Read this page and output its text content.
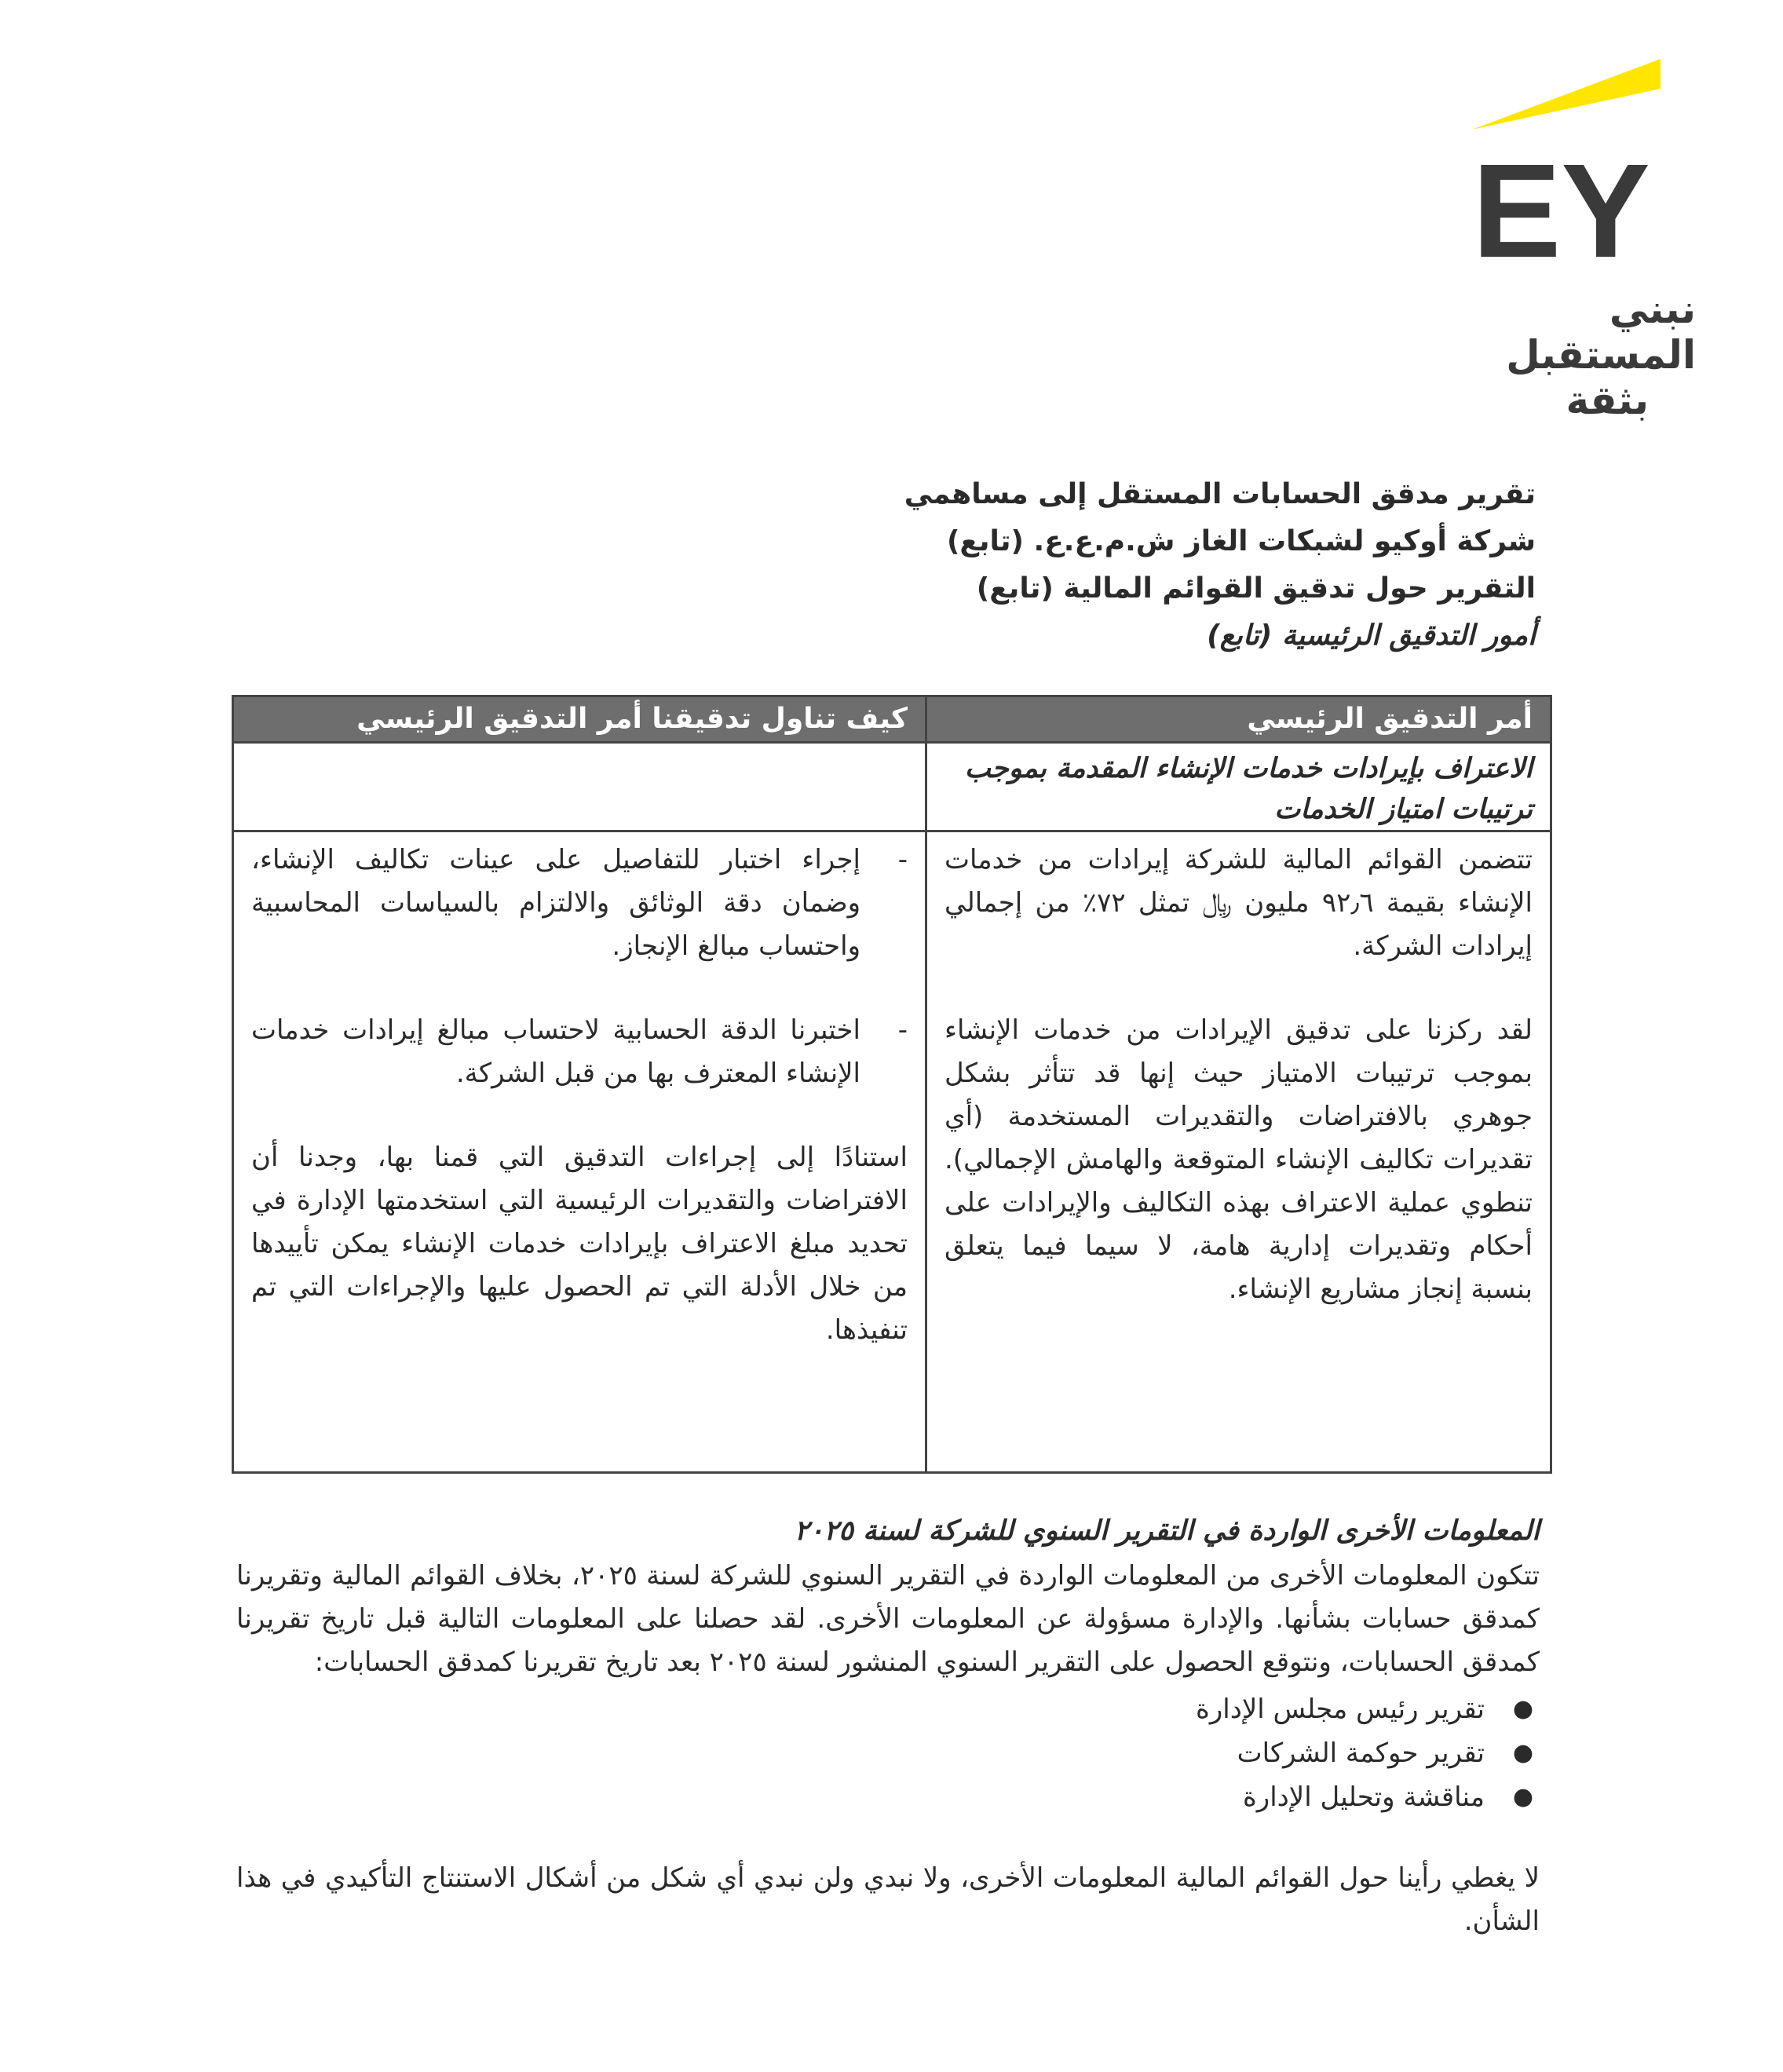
EY
نبني المستقبل
بثقة
تقرير مدقق الحسابات المستقل إلى مساهمي
شركة أوكيو لشبكات الغاز ش.م.ع.ع. (تابع)
التقرير حول تدقيق القوائم المالية (تابع)
أمور التدقيق الرئيسية (تابع)
أمر التدقيق الرئيسي
كيف تناول تدقيقنا أمر التدقيق الرئيسي
الاعتراف بإيرادات خدمات الإنشاء المقدمة بموجب ترتيبات امتياز الخدمات

تتضمن القوائم المالية للشركة إيرادات من خدمات الإنشاء بقيمة ٩٢٫٦ مليون ﷼ تمثل ٧٢٪ من إجمالي إيرادات الشركة.

لقد ركزنا على تدقيق الإيرادات من خدمات الإنشاء بموجب ترتيبات الامتياز حيث إنها قد تتأثر بشكل جوهري بالافتراضات والتقديرات المستخدمة (أي تقديرات تكاليف الإنشاء المتوقعة والهامش الإجمالي). تنطوي عملية الاعتراف بهذه التكاليف والإيرادات على أحكام وتقديرات إدارية هامة، لا سيما فيما يتعلق بنسبة إنجاز مشاريع الإنشاء.

-
إجراء اختبار للتفاصيل على عينات تكاليف الإنشاء، وضمان دقة الوثائق والالتزام بالسياسات المحاسبية واحتساب مبالغ الإنجاز.
-
اختبرنا الدقة الحسابية لاحتساب مبالغ إيرادات خدمات الإنشاء المعترف بها من قبل الشركة.

استنادًا إلى إجراءات التدقيق التي قمنا بها، وجدنا أن الافتراضات والتقديرات الرئيسية التي استخدمتها الإدارة في تحديد مبلغ الاعتراف بإيرادات خدمات الإنشاء يمكن تأييدها من خلال الأدلة التي تم الحصول عليها والإجراءات التي تم تنفيذها.

المعلومات الأخرى الواردة في التقرير السنوي للشركة لسنة ٢٠٢٥

تتكون المعلومات الأخرى من المعلومات الواردة في التقرير السنوي للشركة لسنة ٢٠٢٥، بخلاف القوائم المالية وتقريرنا كمدقق حسابات بشأنها. والإدارة مسؤولة عن المعلومات الأخرى. لقد حصلنا على المعلومات التالية قبل تاريخ تقريرنا كمدقق الحسابات، ونتوقع الحصول على التقرير السنوي المنشور لسنة ٢٠٢٥ بعد تاريخ تقريرنا كمدقق الحسابات:

●
تقرير رئيس مجلس الإدارة
●
تقرير حوكمة الشركات
●
مناقشة وتحليل الإدارة

لا يغطي رأينا حول القوائم المالية المعلومات الأخرى، ولا نبدي ولن نبدي أي شكل من أشكال الاستنتاج التأكيدي في هذا الشأن.
